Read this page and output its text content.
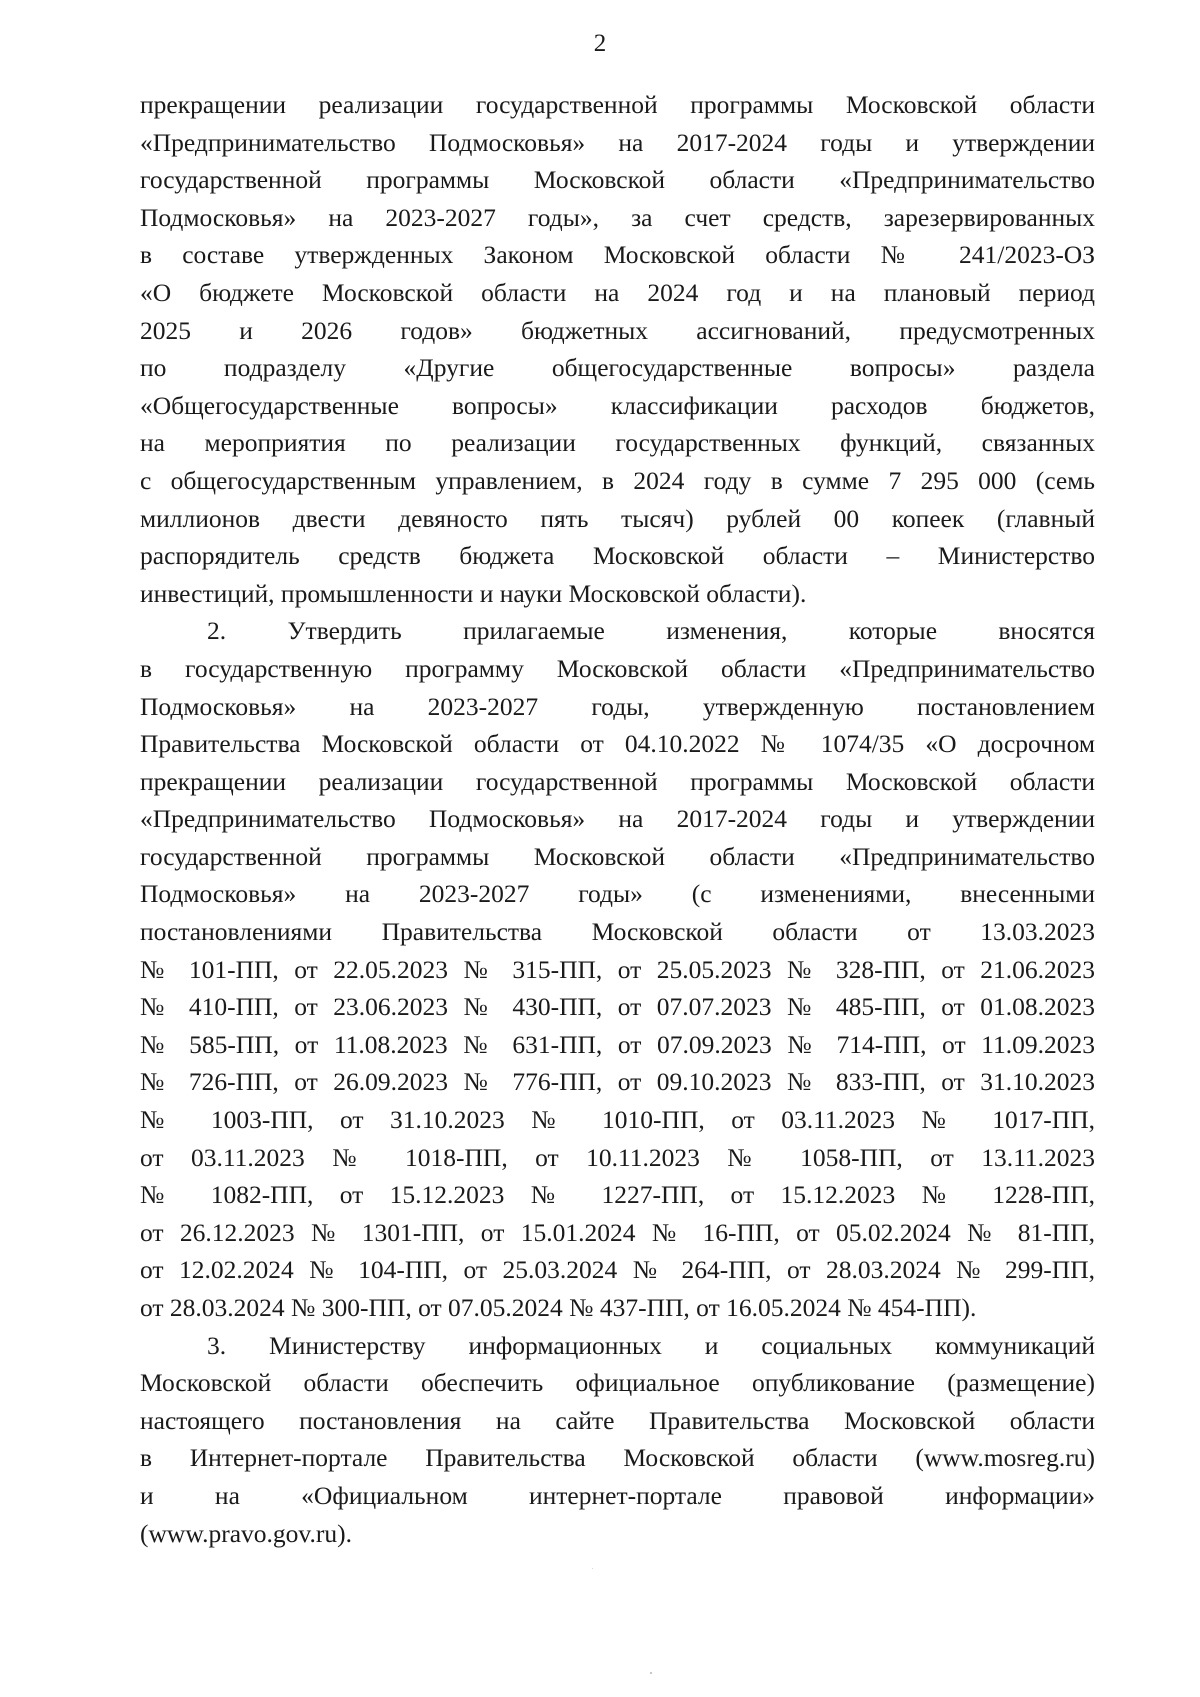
2
прекращении реализации государственной программы Московской области
«Предпринимательство Подмосковья» на 2017-2024 годы и утверждении
государственной программы Московской области «Предпринимательство
Подмосковья» на 2023-2027 годы», за счет средств, зарезервированных
в составе утвержденных Законом Московской области № 241/2023-ОЗ
«О бюджете Московской области на 2024 год и на плановый период
2025 и 2026 годов» бюджетных ассигнований, предусмотренных
по подразделу «Другие общегосударственные вопросы» раздела
«Общегосударственные вопросы» классификации расходов бюджетов,
на мероприятия по реализации государственных функций, связанных
с общегосударственным управлением, в 2024 году в сумме 7 295 000 (семь
миллионов двести девяносто пять тысяч) рублей 00 копеек (главный
распорядитель средств бюджета Московской области – Министерство
инвестиций, промышленности и науки Московской области).
2. Утвердить прилагаемые изменения, которые вносятся
в государственную программу Московской области «Предпринимательство
Подмосковья» на 2023-2027 годы, утвержденную постановлением
Правительства Московской области от 04.10.2022 № 1074/35 «О досрочном
прекращении реализации государственной программы Московской области
«Предпринимательство Подмосковья» на 2017-2024 годы и утверждении
государственной программы Московской области «Предпринимательство
Подмосковья» на 2023-2027 годы» (с изменениями, внесенными
постановлениями Правительства Московской области от 13.03.2023
№ 101-ПП, от 22.05.2023 № 315-ПП, от 25.05.2023 № 328-ПП, от 21.06.2023
№ 410-ПП, от 23.06.2023 № 430-ПП, от 07.07.2023 № 485-ПП, от 01.08.2023
№ 585-ПП, от 11.08.2023 № 631-ПП, от 07.09.2023 № 714-ПП, от 11.09.2023
№ 726-ПП, от 26.09.2023 № 776-ПП, от 09.10.2023 № 833-ПП, от 31.10.2023
№ 1003-ПП, от 31.10.2023 № 1010-ПП, от 03.11.2023 № 1017-ПП,
от 03.11.2023 № 1018-ПП, от 10.11.2023 № 1058-ПП, от 13.11.2023
№ 1082-ПП, от 15.12.2023 № 1227-ПП, от 15.12.2023 № 1228-ПП,
от 26.12.2023 № 1301-ПП, от 15.01.2024 № 16-ПП, от 05.02.2024 № 81-ПП,
от 12.02.2024 № 104-ПП, от 25.03.2024 № 264-ПП, от 28.03.2024 № 299-ПП,
от 28.03.2024 № 300-ПП, от 07.05.2024 № 437-ПП, от 16.05.2024 № 454-ПП).
3. Министерству информационных и социальных коммуникаций
Московской области обеспечить официальное опубликование (размещение)
настоящего постановления на сайте Правительства Московской области
в Интернет-портале Правительства Московской области (www.mosreg.ru)
и на «Официальном интернет-портале правовой информации»
(www.pravo.gov.ru).
